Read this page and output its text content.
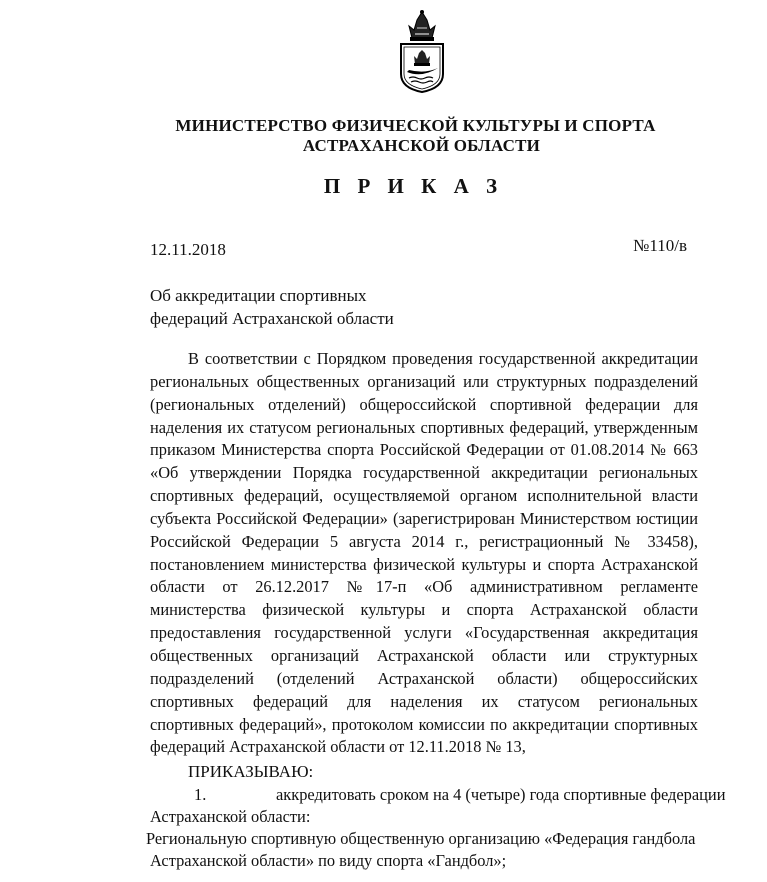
МИНИСТЕРСТВО ФИЗИЧЕСКОЙ КУЛЬТУРЫ И СПОРТА
АСТРАХАНСКОЙ ОБЛАСТИ
П Р И К А З
12.11.2018	№110/в
Об аккредитации спортивных
федераций Астраханской области
В соответствии с Порядком проведения государственной аккредитации
региональных общественных организаций или структурных подразделений
(региональных отделений) общероссийской спортивной федерации для
наделения их статусом региональных спортивных федераций, утвержденным
приказом Министерства спорта Российской Федерации от 01.08.2014 № 663
«Об утверждении Порядка государственной аккредитации региональных
спортивных федераций, осуществляемой органом исполнительной власти
субъекта Российской Федерации» (зарегистрирован Министерством юстиции
Российской Федерации 5 августа 2014 г., регистрационный № 33458),
постановлением министерства физической культуры и спорта Астраханской
области от 26.12.2017 №17-п «Об административном регламенте
министерства физической культуры и спорта Астраханской области
предоставления государственной услуги «Государственная аккредитация
общественных организаций Астраханской области или структурных
подразделений (отделений Астраханской области) общероссийских
спортивных федераций для наделения их статусом региональных
спортивных федераций», протоколом комиссии по аккредитации спортивных
федераций Астраханской области от 12.11.2018 № 13,
ПРИКАЗЫВАЮ:
1.	аккредитовать сроком на 4 (четыре) года спортивные федерации
Астраханской области:
Региональную спортивную общественную организацию «Федерация гандбола
Астраханской области» по виду спорта «Гандбол»;
